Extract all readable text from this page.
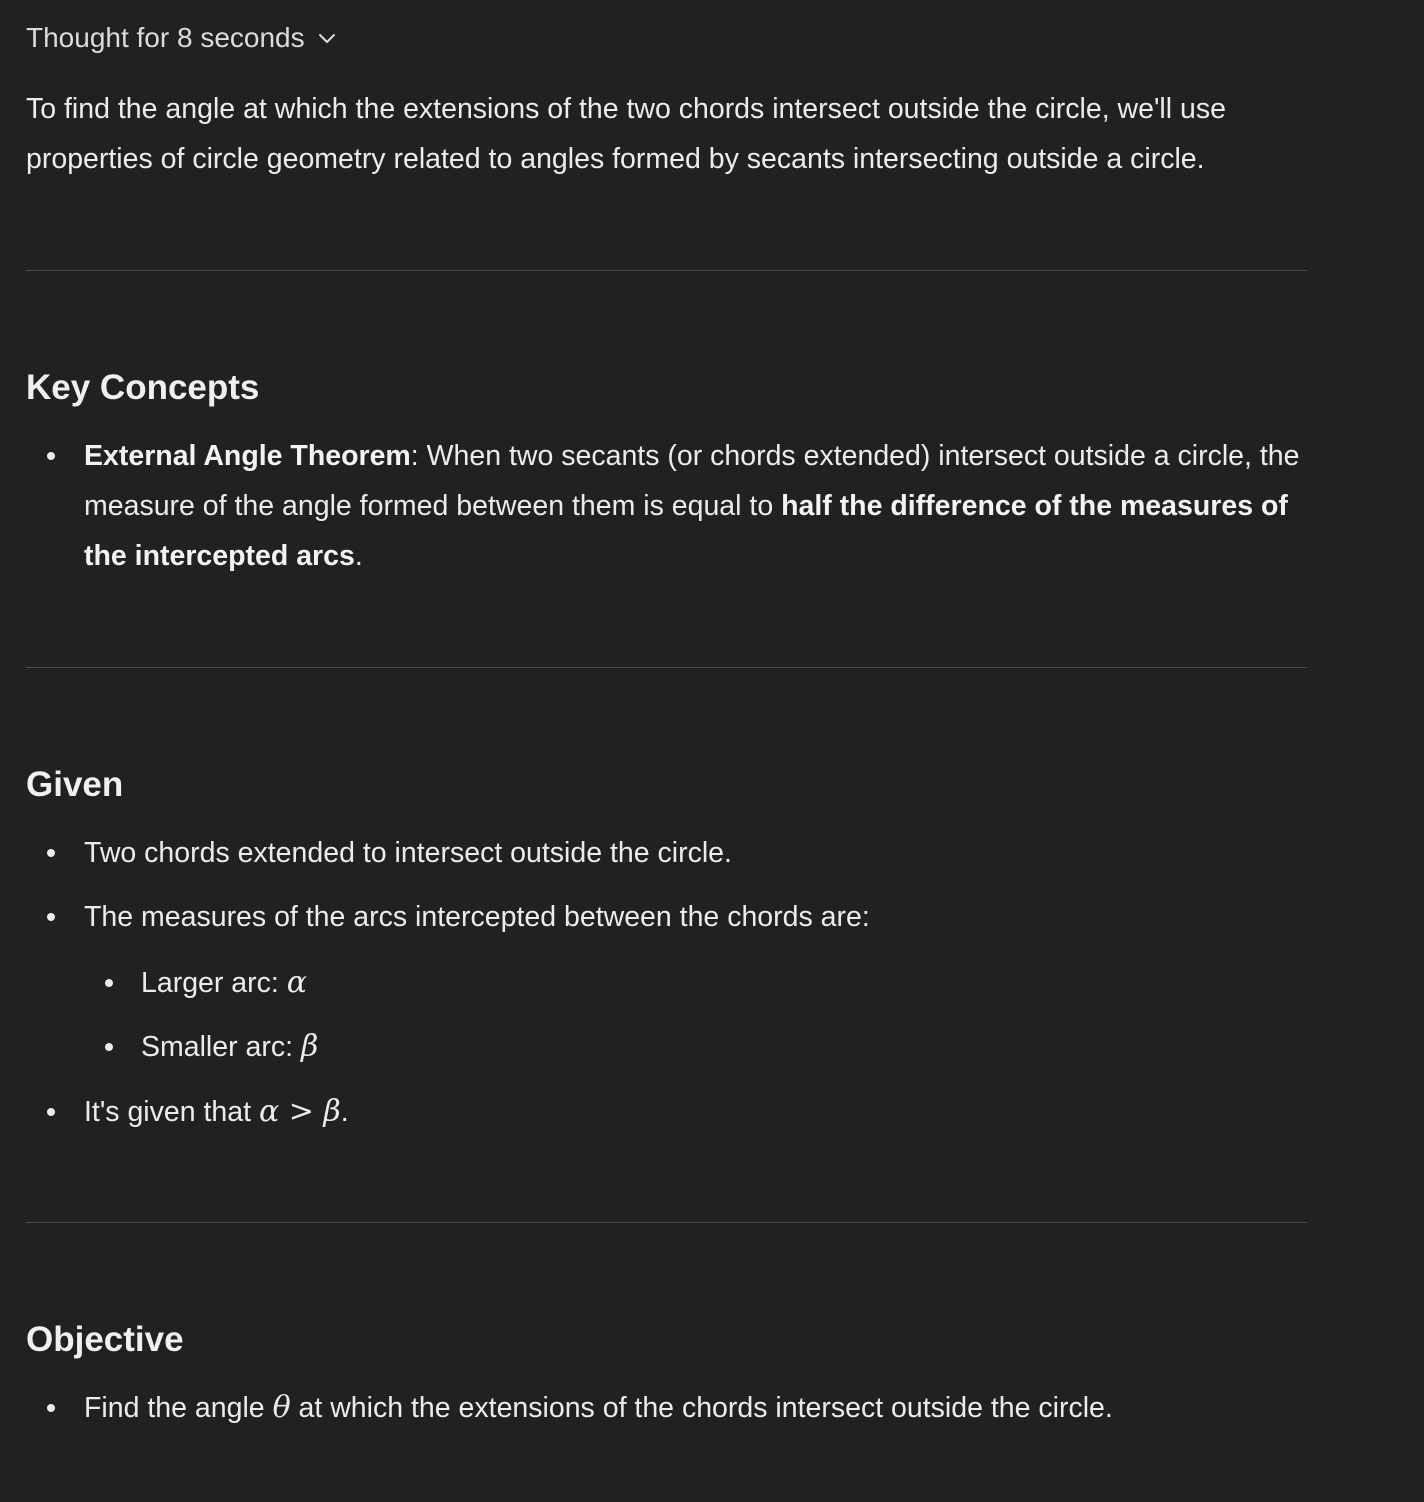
Thought for 8 seconds

To find the angle at which the extensions of the two chords intersect outside the circle, we'll use properties of circle geometry related to angles formed by secants intersecting outside a circle.

Key Concepts
External Angle Theorem: When two secants (or chords extended) intersect outside a circle, the measure of the angle formed between them is equal to half the difference of the measures of the intercepted arcs.
Given
Two chords extended to intersect outside the circle.
The measures of the arcs intercepted between the chords are:
Larger arc: α
Smaller arc: β
It's given that α > β.
Objective
Find the angle θ at which the extensions of the chords intersect outside the circle.
